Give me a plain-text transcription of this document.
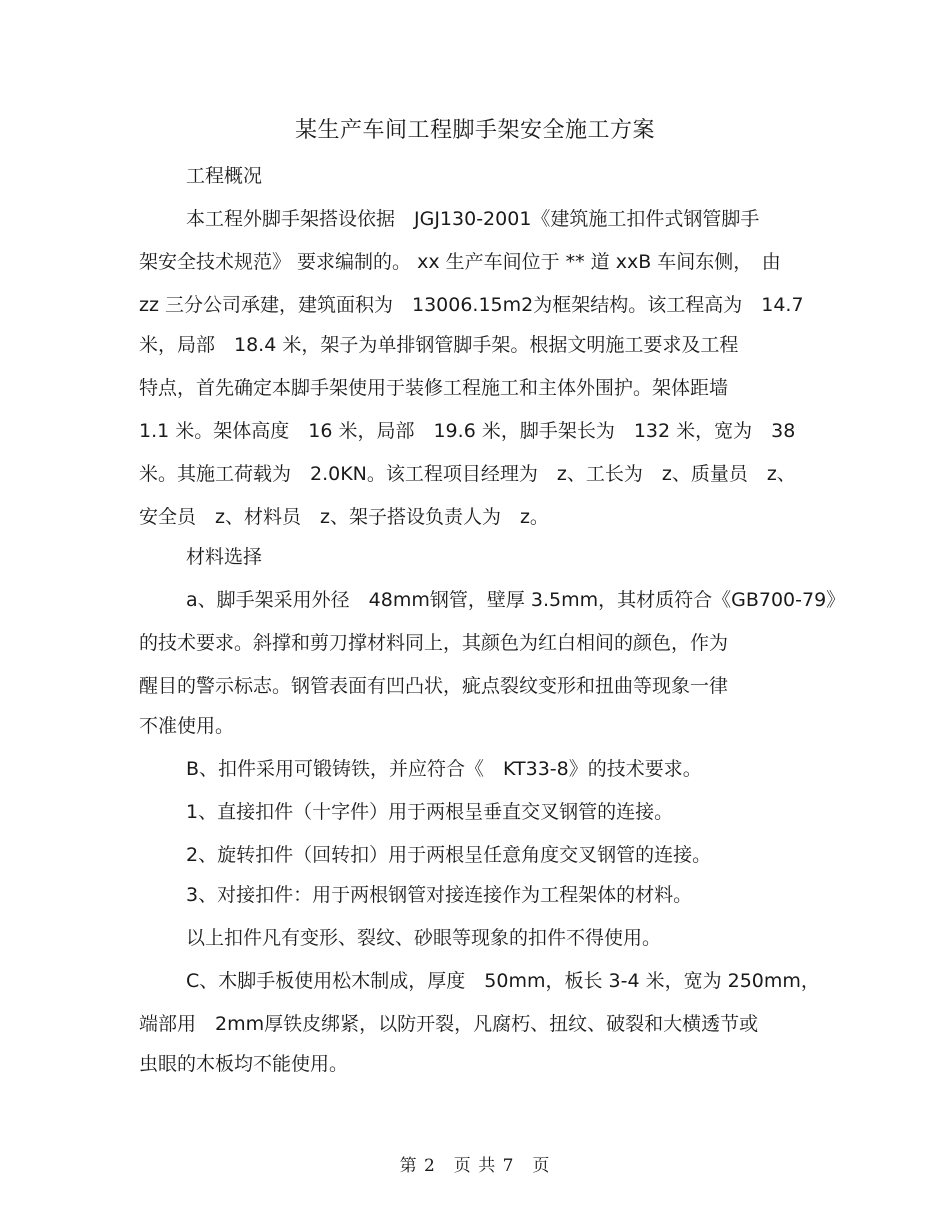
某生产车间工程脚手架安全施工方案
工程概况
本工程外脚手架搭设依据　JGJ130-2001《建筑施工扣件式钢管脚手
架安全技术规范》 要求编制的。 xx 生产车间位于 ** 道 xxB 车间东侧，　由
zz 三分公司承建，建筑面积为　13006.15m2为框架结构。该工程高为　14.7
米，局部　18.4 米，架子为单排钢管脚手架。根据文明施工要求及工程
特点，首先确定本脚手架使用于装修工程施工和主体外围护。架体距墙
1.1 米。架体高度　16 米，局部　19.6 米，脚手架长为　132 米，宽为　38
米。其施工荷载为　2.0KN。该工程项目经理为　z、工长为　z、质量员　z、
安全员　z、材料员　z、架子搭设负责人为　z。
材料选择
a、脚手架采用外径　48mm钢管，壁厚 3.5mm，其材质符合《GB700-79》
的技术要求。斜撑和剪刀撑材料同上，其颜色为红白相间的颜色，作为
醒目的警示标志。钢管表面有凹凸状，疵点裂纹变形和扭曲等现象一律
不准使用。
B、扣件采用可锻铸铁，并应符合《　KT33-8》的技术要求。
1、直接扣件（十字件）用于两根呈垂直交叉钢管的连接。
2、旋转扣件（回转扣）用于两根呈任意角度交叉钢管的连接。
3、对接扣件：用于两根钢管对接连接作为工程架体的材料。
以上扣件凡有变形、裂纹、砂眼等现象的扣件不得使用。
C、木脚手板使用松木制成，厚度　50mm，板长 3-4 米，宽为 250mm，
端部用　2mm厚铁皮绑紧，以防开裂，凡腐朽、扭纹、破裂和大横透节或
虫眼的木板均不能使用。
第 2　页 共 7　页
